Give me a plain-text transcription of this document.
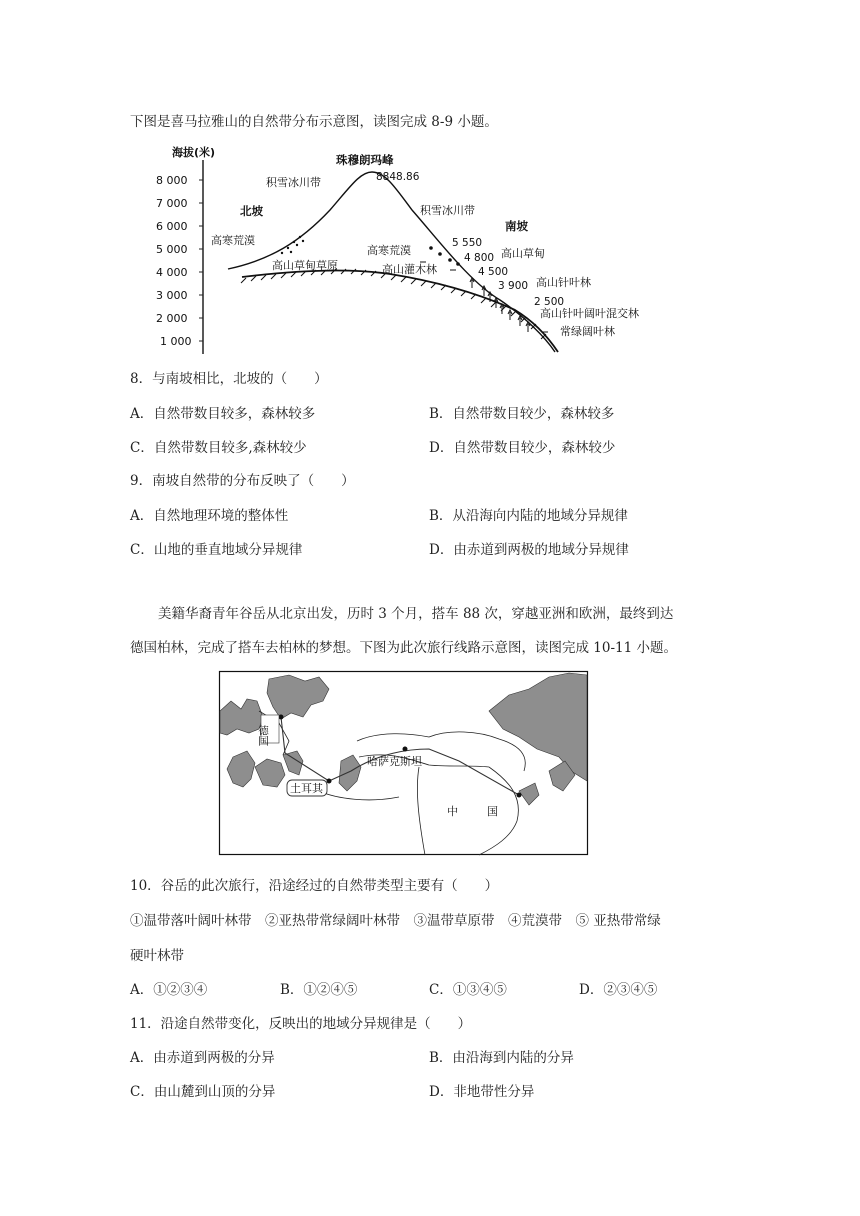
下图是喜马拉雅山的自然带分布示意图，读图完成 8-9 小题。
海拔(米)
8 000
7 000
6 000
5 000
4 000
3 000
2 000
1 000
珠穆朗玛峰
8848.86
积雪冰川带
北坡
高寒荒漠
高山草甸草原
积雪冰川带
南坡
高寒荒漠
5 550
高山草甸
4 800
高山灌木林	4 500
高山针叶林
3 900
2 500
高山针叶阔叶混交林
常绿阔叶林
8．与南坡相比，北坡的（　　）
A．自然带数目较多，森林较多	B．自然带数目较少，森林较多
C．自然带数目较多,森林较少	D．自然带数目较少，森林较少
9．南坡自然带的分布反映了（　　）
A．自然地理环境的整体性	B．从沿海向内陆的地域分异规律
C．山地的垂直地域分异规律	D．由赤道到两极的地域分异规律
美籍华裔青年谷岳从北京出发，历时 3 个月，搭车 88 次，穿越亚洲和欧洲，最终到达
德国柏林，完成了搭车去柏林的梦想。下图为此次旅行线路示意图，读图完成 10-11 小题。
德国
土耳其
哈萨克斯坦
中	国
10．谷岳的此次旅行，沿途经过的自然带类型主要有（　　）
①温带落叶阔叶林带　②亚热带常绿阔叶林带　③温带草原带　④荒漠带　⑤ 亚热带常绿
硬叶林带
A．①②③④	B．①②④⑤	C．①③④⑤	D．②③④⑤
11．沿途自然带变化，反映出的地域分异规律是（　　）
A．由赤道到两极的分异	B．由沿海到内陆的分异
C．由山麓到山顶的分异	D．非地带性分异
